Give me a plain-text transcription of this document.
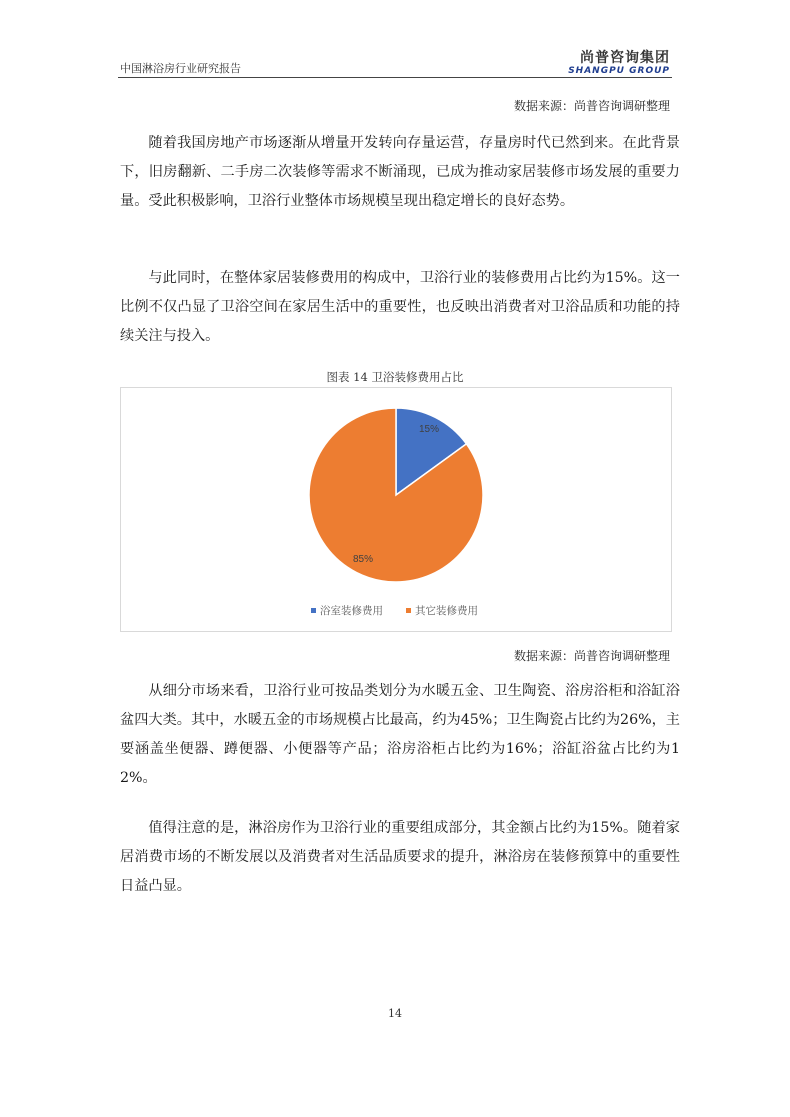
中国淋浴房行业研究报告
尚普咨询集团
SHANGPU GROUP
数据来源：尚普咨询调研整理

随着我国房地产市场逐渐从增量开发转向存量运营，存量房时代已然到来。在此背景下，旧房翻新、二手房二次装修等需求不断涌现，已成为推动家居装修市场发展的重要力量。受此积极影响，卫浴行业整体市场规模呈现出稳定增长的良好态势。

与此同时，在整体家居装修费用的构成中，卫浴行业的装修费用占比约为15%。这一比例不仅凸显了卫浴空间在家居生活中的重要性，也反映出消费者对卫浴品质和功能的持续关注与投入。

图表 14 卫浴装修费用占比
15%
85%
浴室装修费用	其它装修费用
数据来源：尚普咨询调研整理

从细分市场来看，卫浴行业可按品类划分为水暖五金、卫生陶瓷、浴房浴柜和浴缸浴盆四大类。其中，水暖五金的市场规模占比最高，约为45%；卫生陶瓷占比约为26%，主要涵盖坐便器、蹲便器、小便器等产品；浴房浴柜占比约为16%；浴缸浴盆占比约为12%。

值得注意的是，淋浴房作为卫浴行业的重要组成部分，其金额占比约为15%。随着家居消费市场的不断发展以及消费者对生活品质要求的提升，淋浴房在装修预算中的重要性日益凸显。

14
